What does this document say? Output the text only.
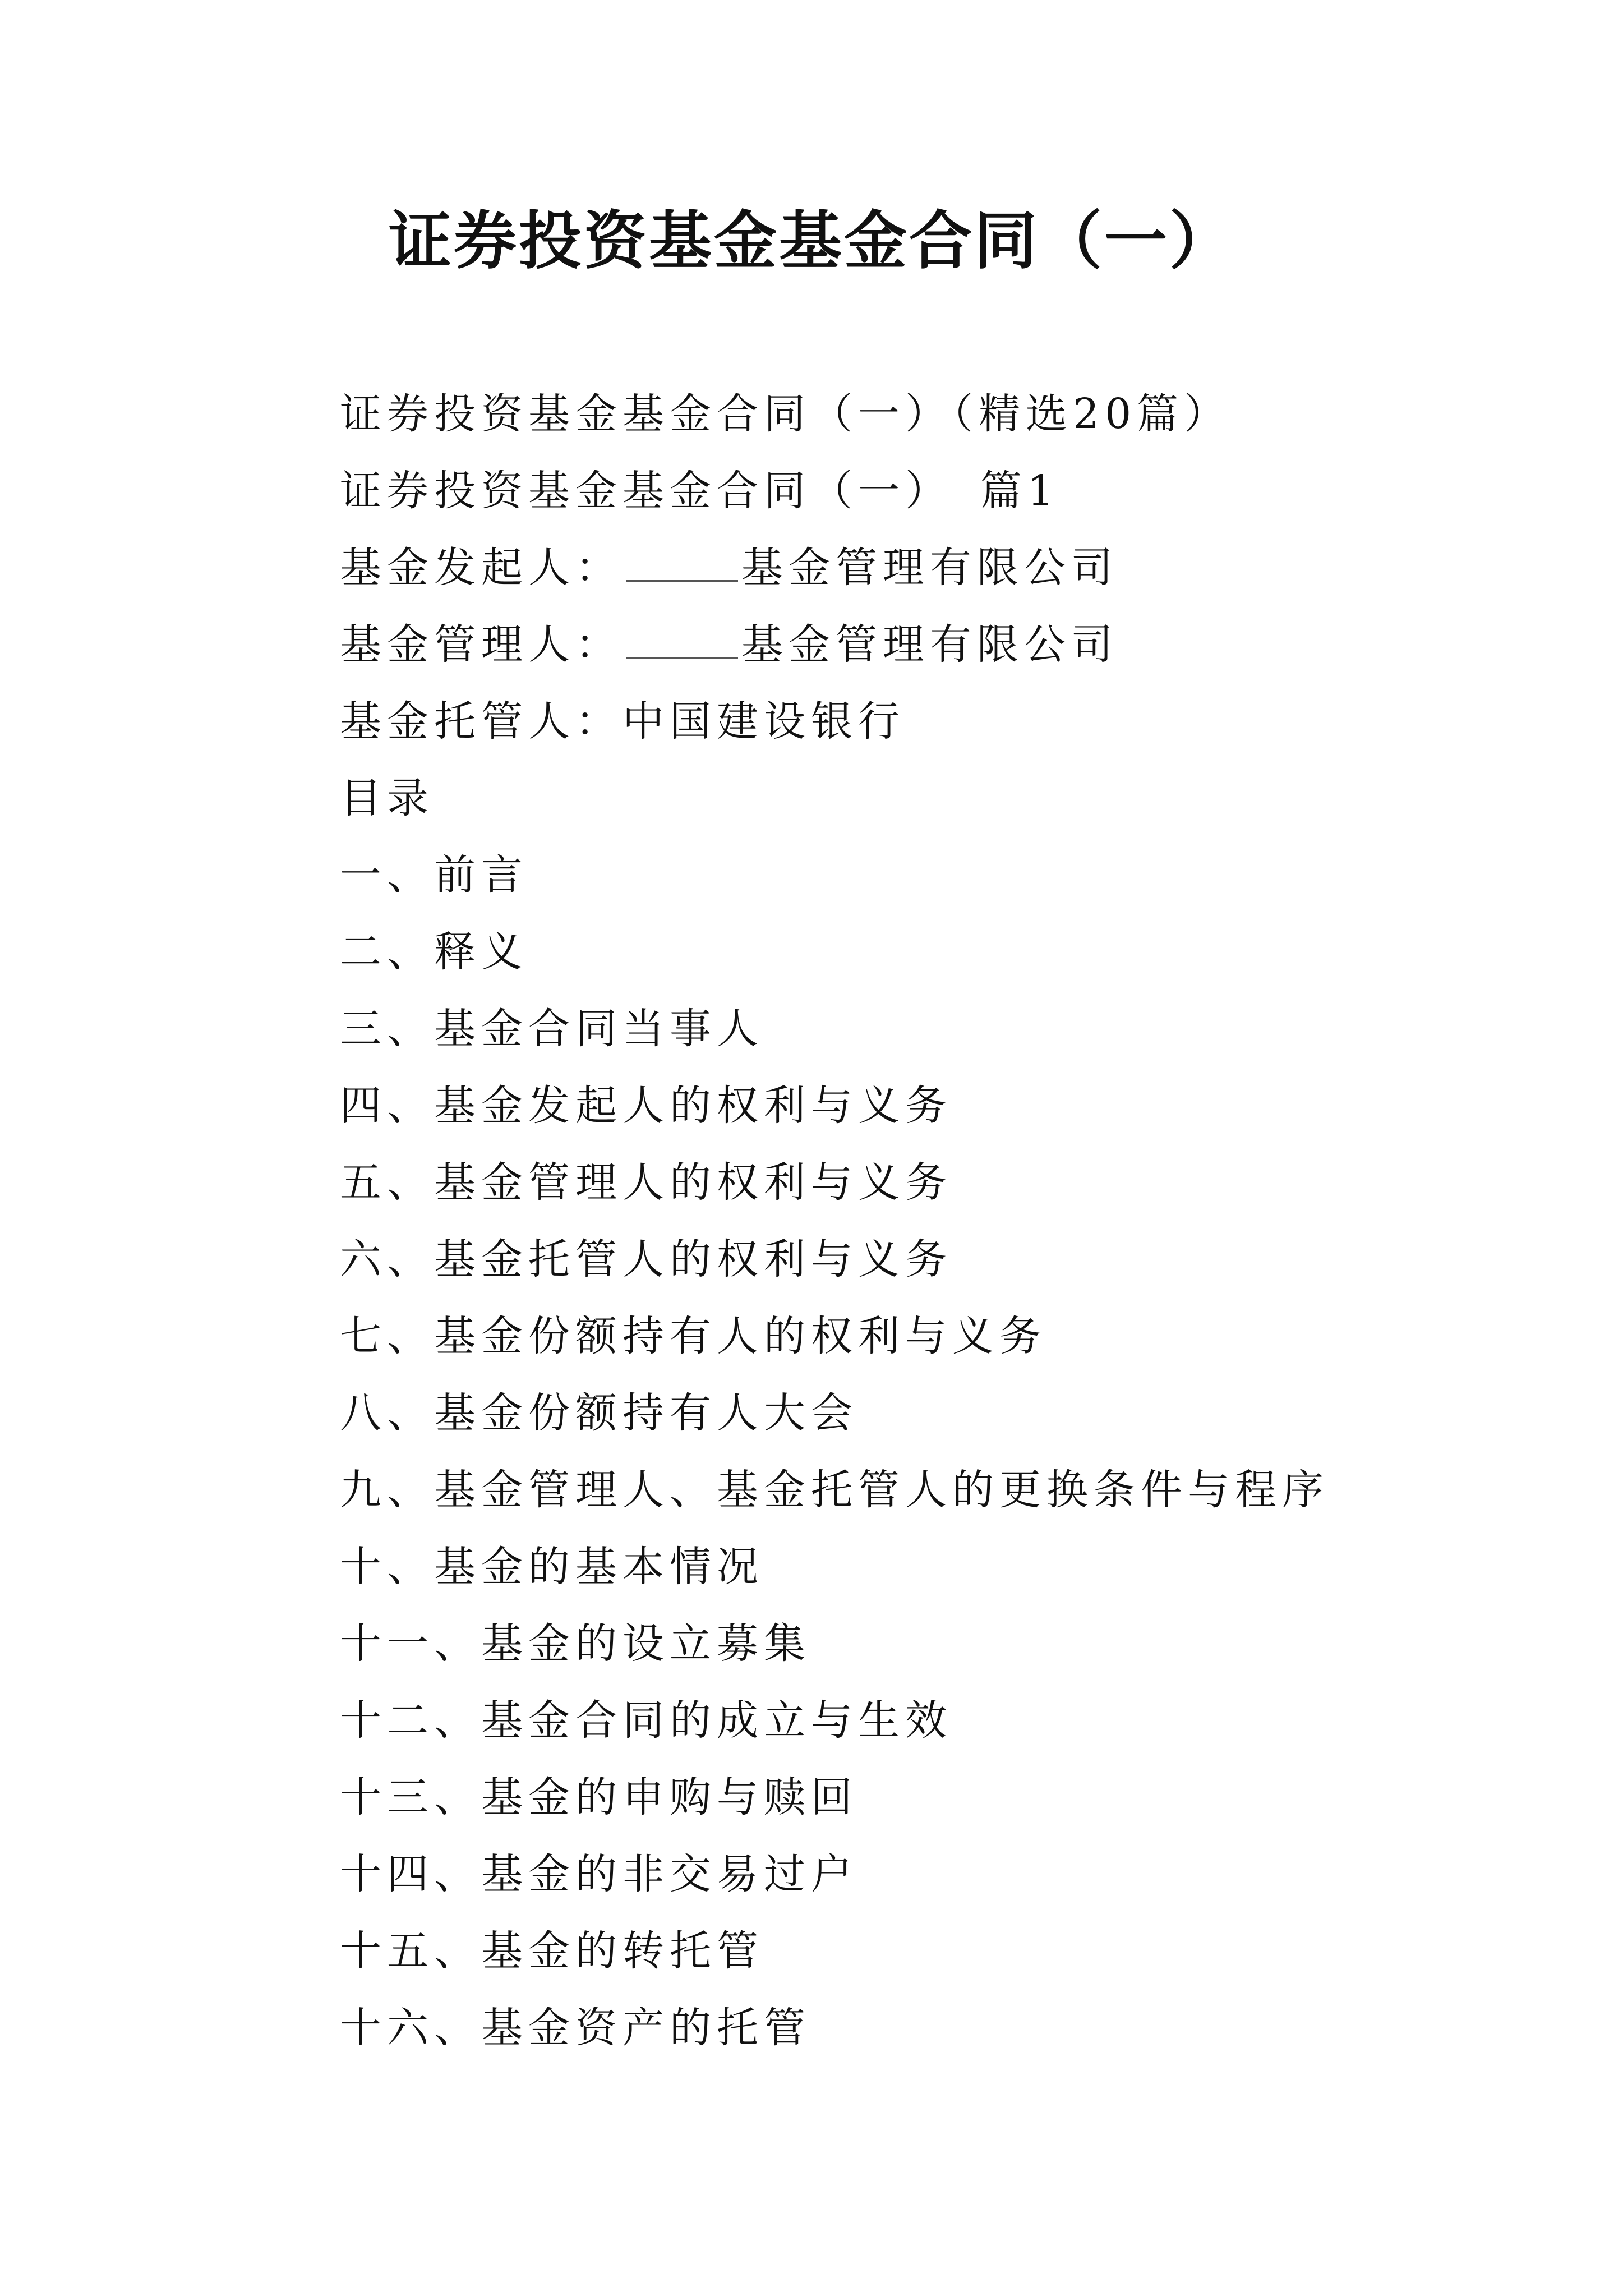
证券投资基金基金合同（一）
证券投资基金基金合同（一）（精选20篇）
证券投资基金基金合同（一） 篇1
基金发起人：	基金管理有限公司
基金管理人：	基金管理有限公司
基金托管人：中国建设银行
目录
一、前言
二、释义
三、基金合同当事人
四、基金发起人的权利与义务
五、基金管理人的权利与义务
六、基金托管人的权利与义务
七、基金份额持有人的权利与义务
八、基金份额持有人大会
九、基金管理人、基金托管人的更换条件与程序
十、基金的基本情况
十一、基金的设立募集
十二、基金合同的成立与生效
十三、基金的申购与赎回
十四、基金的非交易过户
十五、基金的转托管
十六、基金资产的托管
